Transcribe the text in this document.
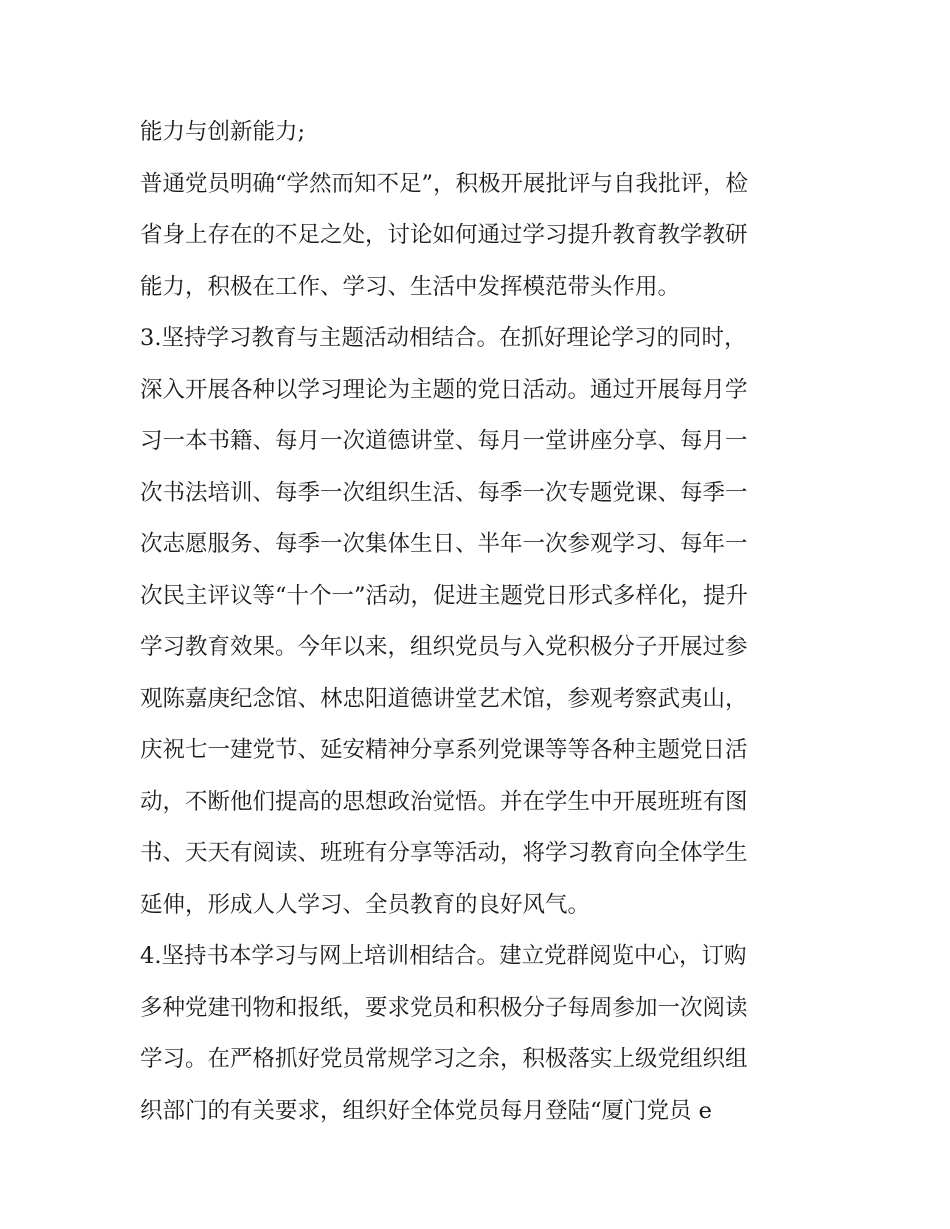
能力与创新能力;
普通党员明确“学然而知不足”，积极开展批评与自我批评，检
省身上存在的不足之处，讨论如何通过学习提升教育教学教研
能力，积极在工作、学习、生活中发挥模范带头作用。
3.坚持学习教育与主题活动相结合。在抓好理论学习的同时，
深入开展各种以学习理论为主题的党日活动。通过开展每月学
习一本书籍、每月一次道德讲堂、每月一堂讲座分享、每月一
次书法培训、每季一次组织生活、每季一次专题党课、每季一
次志愿服务、每季一次集体生日、半年一次参观学习、每年一
次民主评议等“十个一”活动，促进主题党日形式多样化，提升
学习教育效果。今年以来，组织党员与入党积极分子开展过参
观陈嘉庚纪念馆、林忠阳道德讲堂艺术馆，参观考察武夷山，
庆祝七一建党节、延安精神分享系列党课等等各种主题党日活
动，不断他们提高的思想政治觉悟。并在学生中开展班班有图
书、天天有阅读、班班有分享等活动，将学习教育向全体学生
延伸，形成人人学习、全员教育的良好风气。
4.坚持书本学习与网上培训相结合。建立党群阅览中心，订购
多种党建刊物和报纸，要求党员和积极分子每周参加一次阅读
学习。在严格抓好党员常规学习之余，积极落实上级党组织组
织部门的有关要求，组织好全体党员每月登陆“厦门党员 e
